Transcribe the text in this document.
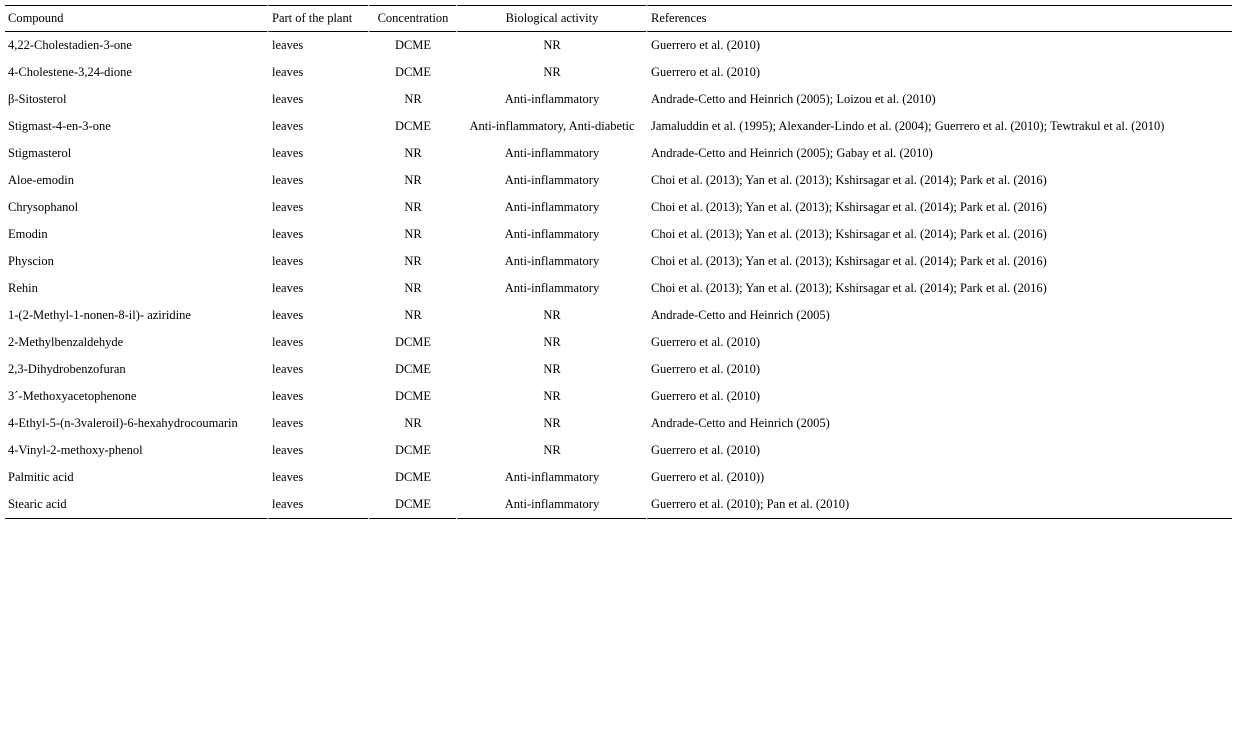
Compound	Part of the plant	Concentration	Biological activity	References
4,22-Cholestadien-3-one	leaves	DCME	NR	Guerrero et al. (2010)
4-Cholestene-3,24-dione	leaves	DCME	NR	Guerrero et al. (2010)
β-Sitosterol	leaves	NR	Anti-inflammatory	Andrade-Cetto and Heinrich (2005); Loizou et al. (2010)
Stigmast-4-en-3-one	leaves	DCME	Anti-inflammatory, Anti-diabetic	Jamaluddin et al. (1995); Alexander-Lindo et al. (2004); Guerrero et al. (2010); Tewtrakul et al. (2010)
Stigmasterol	leaves	NR	Anti-inflammatory	Andrade-Cetto and Heinrich (2005); Gabay et al. (2010)
Aloe-emodin	leaves	NR	Anti-inflammatory	Choi et al. (2013); Yan et al. (2013); Kshirsagar et al. (2014); Park et al. (2016)
Chrysophanol	leaves	NR	Anti-inflammatory	Choi et al. (2013); Yan et al. (2013); Kshirsagar et al. (2014); Park et al. (2016)
Emodin	leaves	NR	Anti-inflammatory	Choi et al. (2013); Yan et al. (2013); Kshirsagar et al. (2014); Park et al. (2016)
Physcion	leaves	NR	Anti-inflammatory	Choi et al. (2013); Yan et al. (2013); Kshirsagar et al. (2014); Park et al. (2016)
Rehin	leaves	NR	Anti-inflammatory	Choi et al. (2013); Yan et al. (2013); Kshirsagar et al. (2014); Park et al. (2016)
1-(2-Methyl-1-nonen-8-il)- aziridine	leaves	NR	NR	Andrade-Cetto and Heinrich (2005)
2-Methylbenzaldehyde	leaves	DCME	NR	Guerrero et al. (2010)
2,3-Dihydrobenzofuran	leaves	DCME	NR	Guerrero et al. (2010)
3´-Methoxyacetophenone	leaves	DCME	NR	Guerrero et al. (2010)
4-Ethyl-5-(n-3valeroil)-6-hexahydrocoumarin	leaves	NR	NR	Andrade-Cetto and Heinrich (2005)
4-Vinyl-2-methoxy-phenol	leaves	DCME	NR	Guerrero et al. (2010)
Palmitic acid	leaves	DCME	Anti-inflammatory	Guerrero et al. (2010))
Stearic acid	leaves	DCME	Anti-inflammatory	Guerrero et al. (2010); Pan et al. (2010)
